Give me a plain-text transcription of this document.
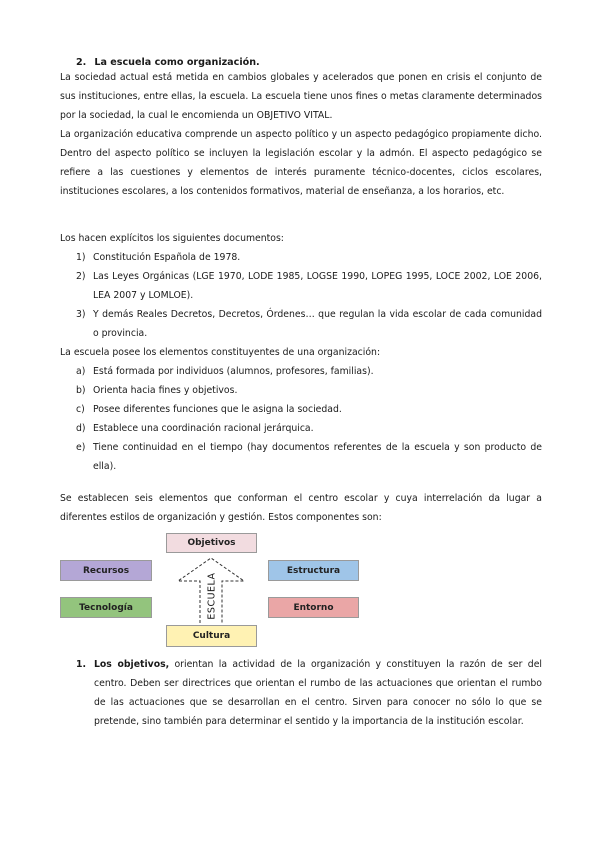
2. La escuela como organización.

La sociedad actual está metida en cambios globales y acelerados que ponen en crisis el conjunto de sus instituciones, entre ellas, la escuela. La escuela tiene unos fines o metas claramente determinados por la sociedad, la cual le encomienda un OBJETIVO VITAL.

La organización educativa comprende un aspecto político y un aspecto pedagógico propiamente dicho. Dentro del aspecto político se incluyen la legislación escolar y la admón. El aspecto pedagógico se refiere a las cuestiones y elementos de interés puramente técnico-docentes, ciclos escolares, instituciones escolares, a los contenidos formativos, material de enseñanza, a los horarios, etc.

Los hacen explícitos los siguientes documentos:

1) Constitución Española de 1978.
2) Las Leyes Orgánicas (LGE 1970, LODE 1985, LOGSE 1990, LOPEG 1995, LOCE 2002, LOE 2006, LEA 2007 y LOMLOE).
3) Y demás Reales Decretos, Decretos, Órdenes… que regulan la vida escolar de cada comunidad o provincia.

La escuela posee los elementos constituyentes de una organización:

a) Está formada por individuos (alumnos, profesores, familias).
b) Orienta hacia fines y objetivos.
c) Posee diferentes funciones que le asigna la sociedad.
d) Establece una coordinación racional jerárquica.
e) Tiene continuidad en el tiempo (hay documentos referentes de la escuela y son producto de ella).

Se establecen seis elementos que conforman el centro escolar y cuya interrelación da lugar a diferentes estilos de organización y gestión. Estos componentes son:

Objetivos
Recursos	Estructura
Tecnología	Entorno
Cultura
ESCUELA
1. Los objetivos, orientan la actividad de la organización y constituyen la razón de ser del centro. Deben ser directrices que orientan el rumbo de las actuaciones que orientan el rumbo de las actuaciones que se desarrollan en el centro. Sirven para conocer no sólo lo que se pretende, sino también para determinar el sentido y la importancia de la institución escolar.
